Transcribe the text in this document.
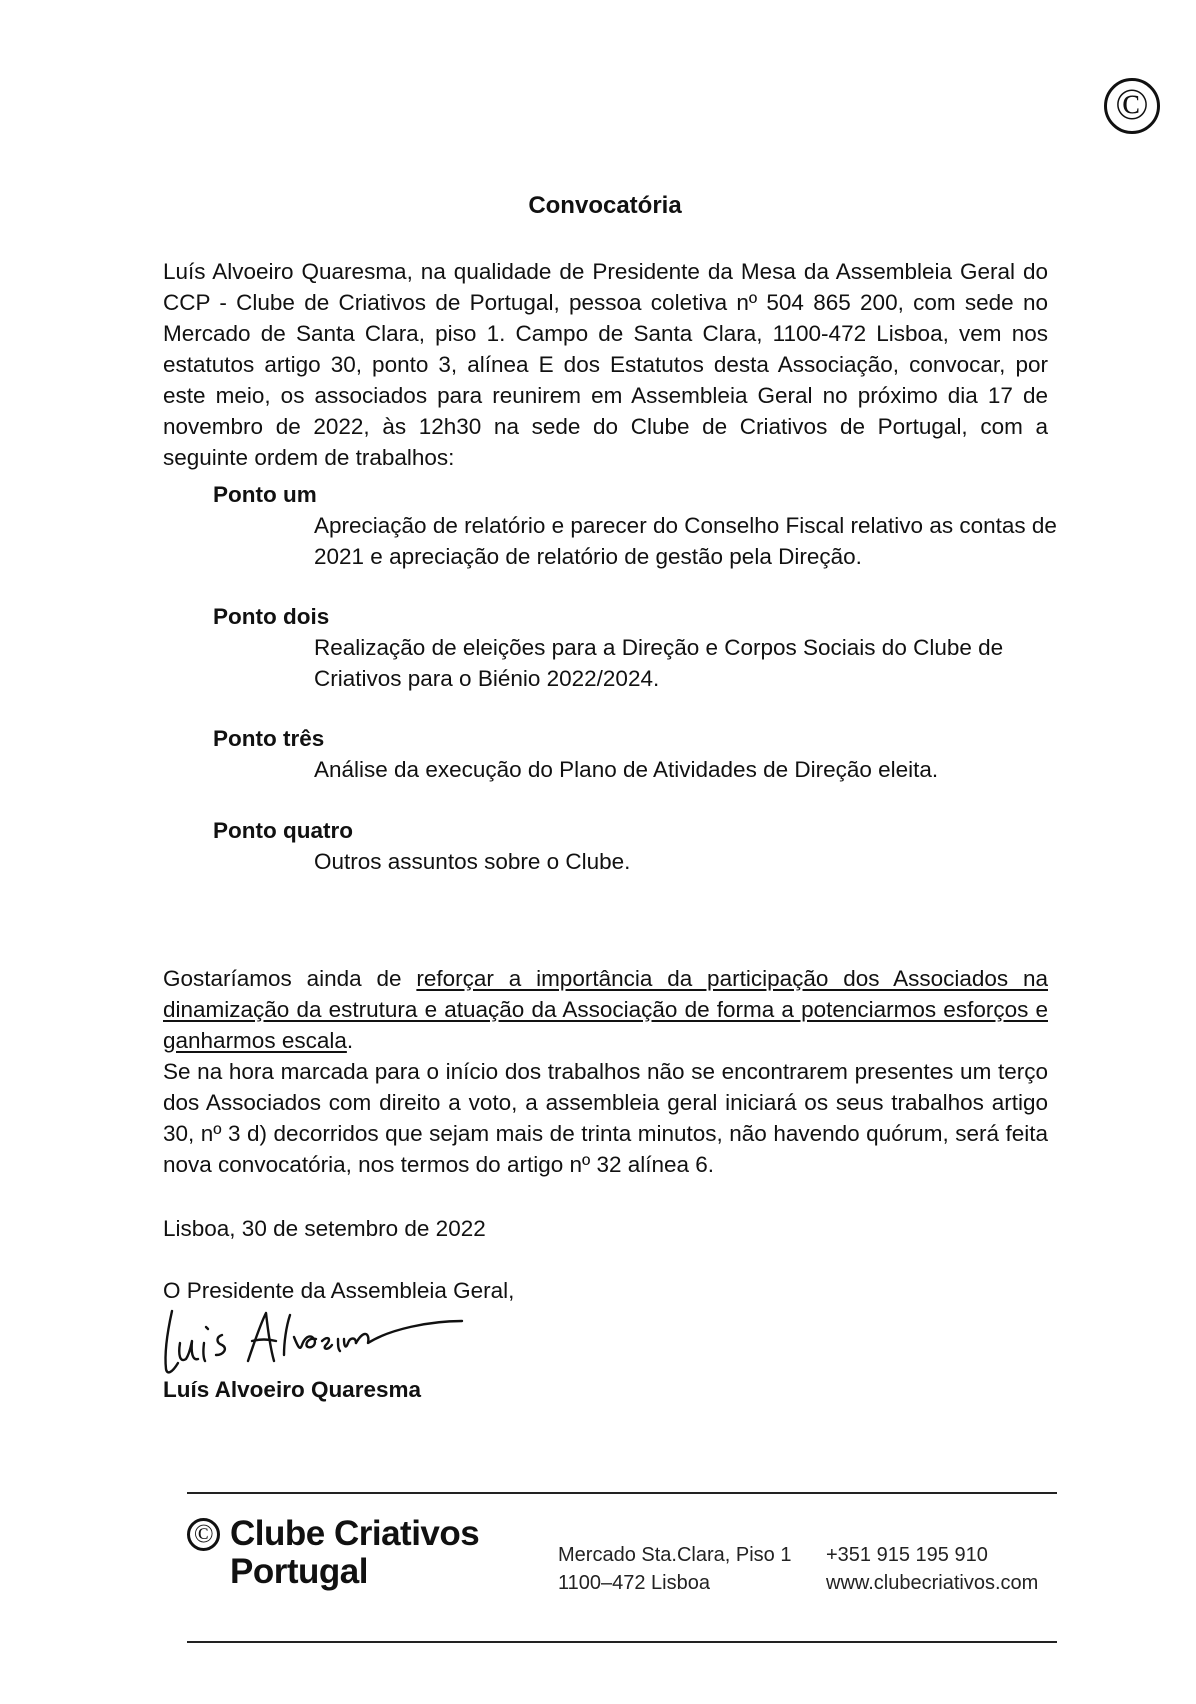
©
Convocatória
Luís Alvoeiro Quaresma, na qualidade de Presidente da Mesa da Assembleia Geral do CCP - Clube de Criativos de Portugal, pessoa coletiva nº 504 865 200, com sede no Mercado de Santa Clara, piso 1. Campo de Santa Clara, 1100-472 Lisboa, vem nos estatutos artigo 30, ponto 3, alínea E dos Estatutos desta Associação, convocar, por este meio, os associados para reunirem em Assembleia Geral no próximo dia 17 de novembro de 2022, às 12h30 na sede do Clube de Criativos de Portugal, com a seguinte ordem de trabalhos:
Ponto um
Apreciação de relatório e parecer do Conselho Fiscal relativo as contas de 2021 e apreciação de relatório de gestão pela Direção.
Ponto dois
Realização de eleições para a Direção e Corpos Sociais do Clube de Criativos para o Biénio 2022/2024.
Ponto três
Análise da execução do Plano de Atividades de Direção eleita.
Ponto quatro
Outros assuntos sobre o Clube.
Gostaríamos ainda de reforçar a importância da participação dos Associados na dinamização da estrutura e atuação da Associação de forma a potenciarmos esforços e ganharmos escala.
Se na hora marcada para o início dos trabalhos não se encontrarem presentes um terço dos Associados com direito a voto, a assembleia geral iniciará os seus trabalhos artigo 30, nº 3 d) decorridos que sejam mais de trinta minutos, não havendo quórum, será feita nova convocatória, nos termos do artigo nº 32 alínea 6.
Lisboa, 30 de setembro de 2022
O Presidente da Assembleia Geral,
Luís Alvoeiro Quaresma
© Clube Criativos
Portugal	Mercado Sta.Clara, Piso 1
1100–472 Lisboa
+351 915 195 910
www.clubecriativos.com
